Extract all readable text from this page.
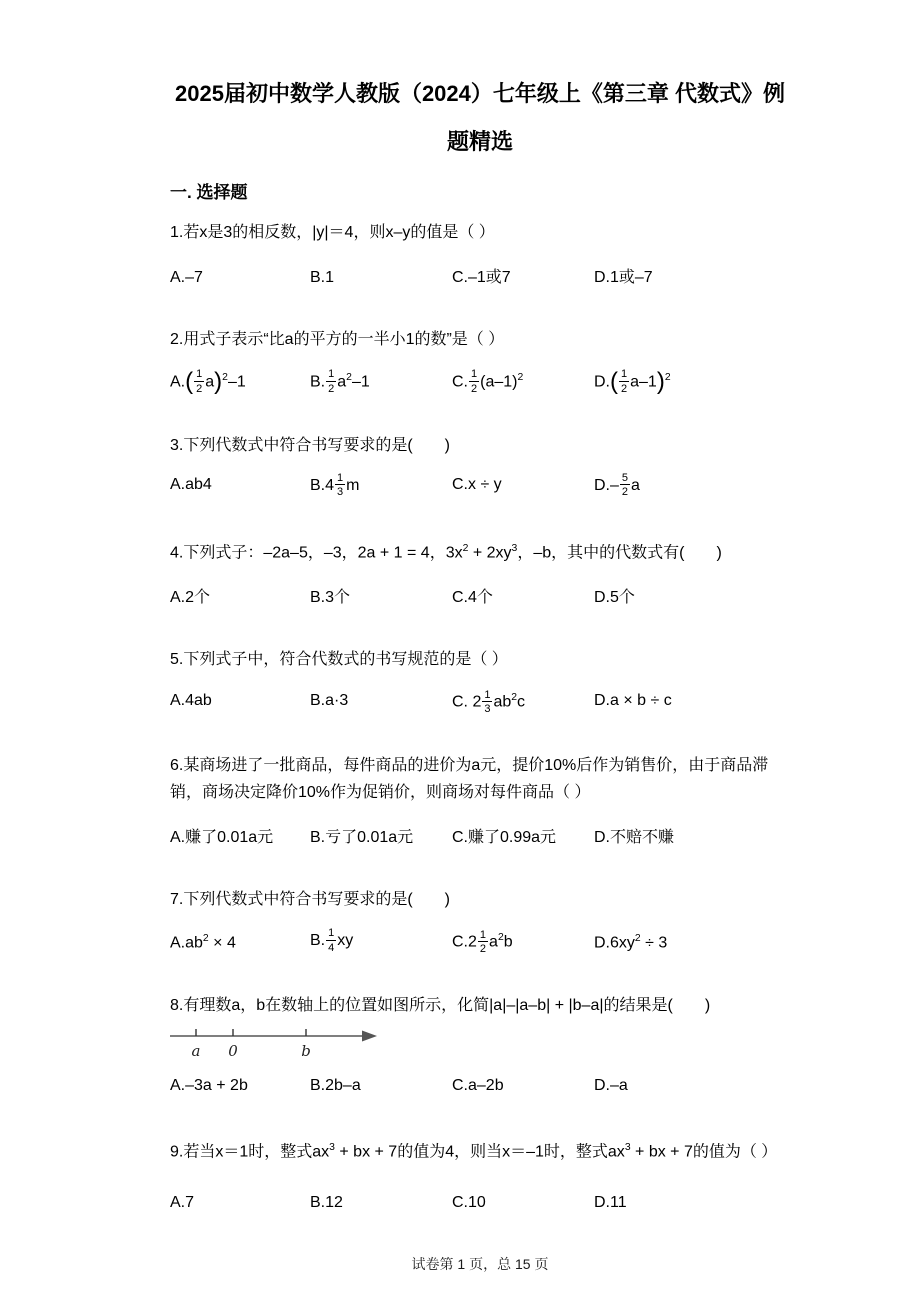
2025届初中数学人教版（2024）七年级上《第三章 代数式》例题精选
一. 选择题
1.若x是3的相反数，|y|＝4，则x–y的值是（ ）
A.–7	B.1	C.–1或7	D.1或–7
2.用式子表示“比a的平方的一半小1的数”是（ ）
$A.( \frac{1}{2} a)^2-1$	B. $\frac{1}{2} a^2-1$	C. $\frac{1}{2} (a-1)^2$	$D.( \frac{1}{2} a-1)^2$
3.下列代数式中符合书写要求的是(　　)
A.ab4	$B.4 \frac{1}{3}$ m	C.x ÷ y	$D.- \frac{5}{2}$ a
4.下列式子：–2a–5，–3，2a + 1 = 4，$3x^2 + 2xy^3$，–b，其中的代数式有(　　)
A.2个	B.3个	C.4个	D.5个
5.下列式子中，符合代数式的书写规范的是（ ）
A.4ab	B.a·3	C. $2 \frac{1}{3} ab^2c$	D.a × b ÷ c
6.某商场进了一批商品，每件商品的进价为a元，提价10%后作为销售价，由于商品滞销，商场决定降价10%作为促销价，则商场对每件商品（ ）
A.赚了0.01a元	B.亏了0.01a元	C.赚了0.99a元	D.不赔不赚
7.下列代数式中符合书写要求的是(　　)
$A.ab^2 \times 4$	B. $\frac{1}{4}$ xy	$C.2 \frac{1}{2} a^2b$	$D.6xy^2 \div 3$
8.有理数a，b在数轴上的位置如图所示，化简|a|–|a–b| + |b–a|的结果是(　　)
a 0	b
A.–3a + 2b	B.2b–a	C.a–2b	D.–a
9.若当x＝1时，整式$ax^3$ + bx + 7的值为4，则当x＝–1时，整式$ax^3$ + bx + 7的值为（ ）
A.7	B.12	C.10	D.11
试卷第 1 页，总 15 页
